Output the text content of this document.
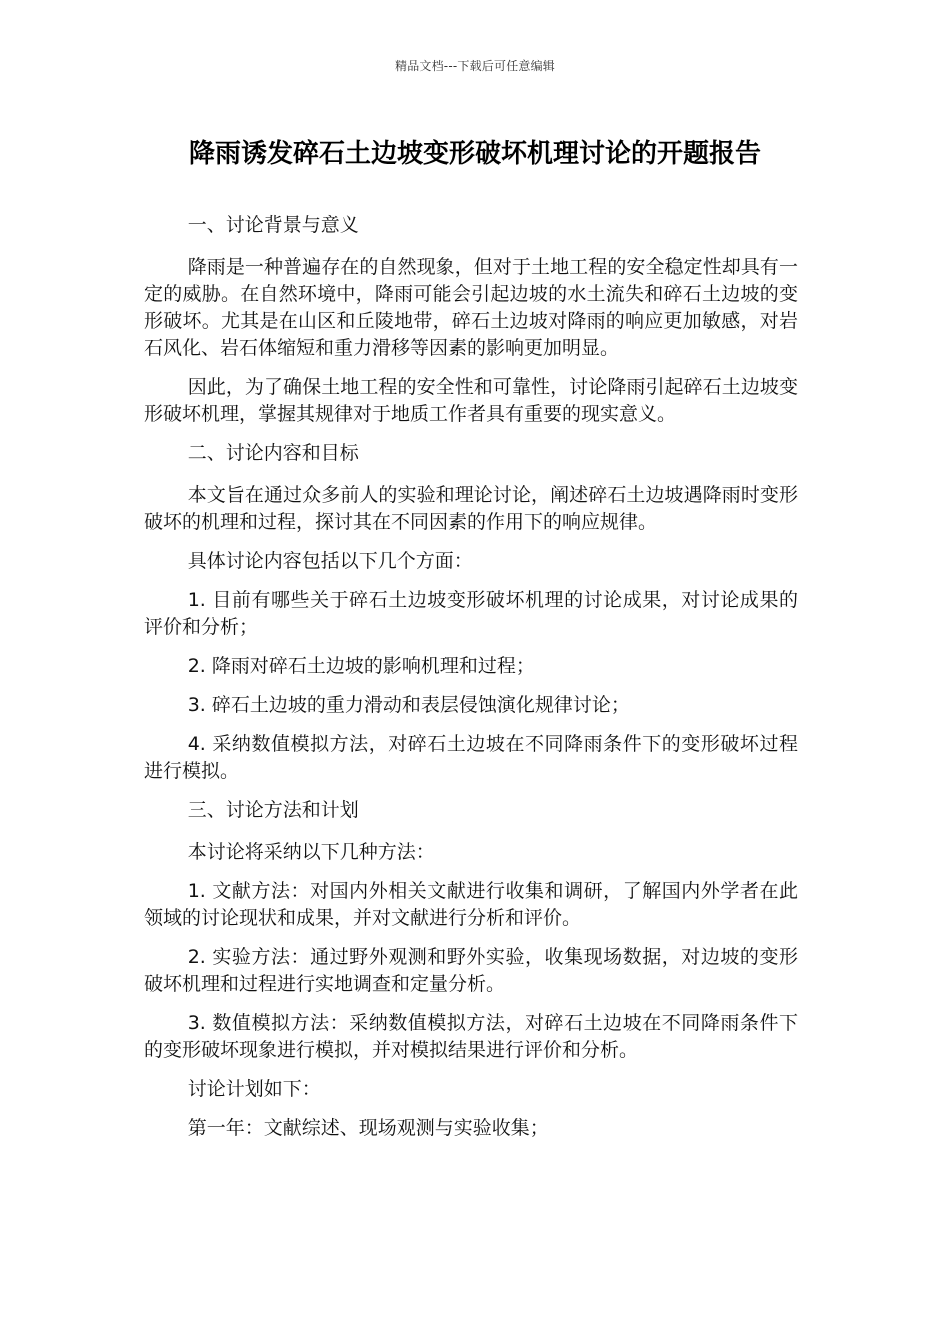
精品文档---下载后可任意编辑
降雨诱发碎石土边坡变形破坏机理讨论的开题报告

一、讨论背景与意义

降雨是一种普遍存在的自然现象，但对于土地工程的安全稳定性却具有一定的威胁。在自然环境中，降雨可能会引起边坡的水土流失和碎石土边坡的变形破坏。尤其是在山区和丘陵地带，碎石土边坡对降雨的响应更加敏感，对岩石风化、岩石体缩短和重力滑移等因素的影响更加明显。

因此，为了确保土地工程的安全性和可靠性，讨论降雨引起碎石土边坡变形破坏机理，掌握其规律对于地质工作者具有重要的现实意义。

二、讨论内容和目标

本文旨在通过众多前人的实验和理论讨论，阐述碎石土边坡遇降雨时变形破坏的机理和过程，探讨其在不同因素的作用下的响应规律。

具体讨论内容包括以下几个方面：

1. 目前有哪些关于碎石土边坡变形破坏机理的讨论成果，对讨论成果的评价和分析；

2. 降雨对碎石土边坡的影响机理和过程；

3. 碎石土边坡的重力滑动和表层侵蚀演化规律讨论；

4. 采纳数值模拟方法，对碎石土边坡在不同降雨条件下的变形破坏过程进行模拟。

三、讨论方法和计划

本讨论将采纳以下几种方法：

1. 文献方法：对国内外相关文献进行收集和调研，了解国内外学者在此领域的讨论现状和成果，并对文献进行分析和评价。

2. 实验方法：通过野外观测和野外实验，收集现场数据，对边坡的变形破坏机理和过程进行实地调查和定量分析。

3. 数值模拟方法：采纳数值模拟方法，对碎石土边坡在不同降雨条件下的变形破坏现象进行模拟，并对模拟结果进行评价和分析。

讨论计划如下：

第一年：文献综述、现场观测与实验收集；
